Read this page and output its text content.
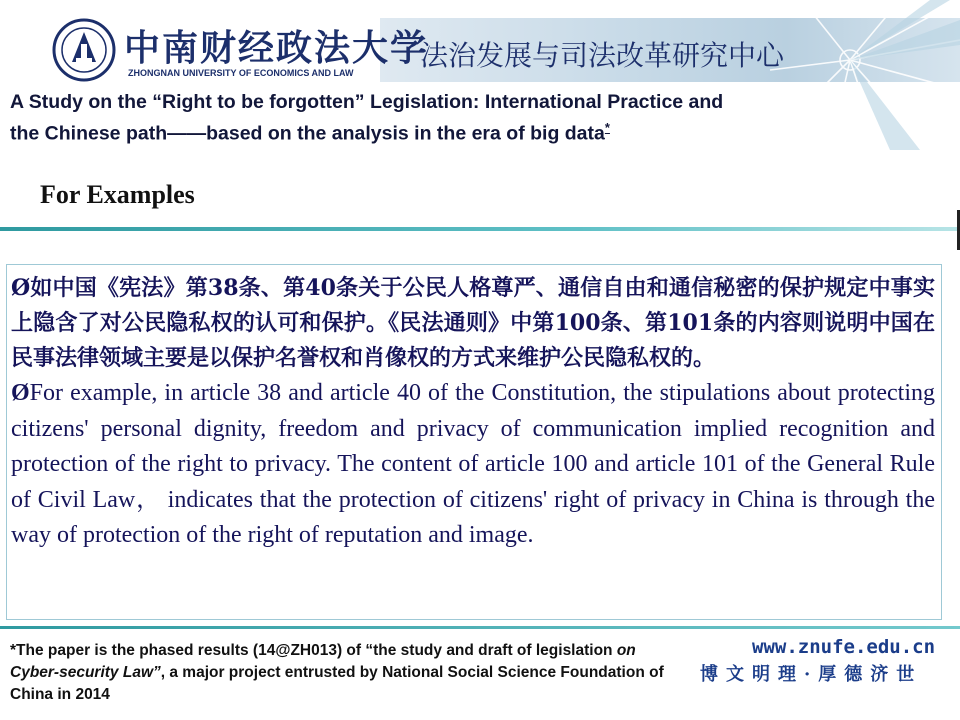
中南财经政法大学
ZHONGNAN UNIVERSITY OF ECONOMICS AND LAW
法治发展与司法改革研究中心
A Study on the “Right to be forgotten” Legislation: International Practice and
the Chinese path——based on the analysis in the era of big data*
For Examples

Ø如中国《宪法》第38条、第40条关于公民人格尊严、通信自由和通信秘密的保护规定中事实上隐含了对公民隐私权的认可和保护。《民法通则》中第100条、第101条的内容则说明中国在民事法律领域主要是以保护名誉权和肖像权的方式来维护公民隐私权的。

ØFor example, in article 38 and article 40 of the Constitution, the stipulations about protecting citizens' personal dignity, freedom and privacy of communication implied recognition and protection of the right to privacy. The content of article 100 and article 101 of the General Rule of Civil Law， indicates that the protection of citizens' right of privacy in China is through the way of protection of the right of reputation and image.

*The paper is the phased results (14@ZH013) of “the study and draft of legislation on Cyber-security Law”, a major project entrusted by National Social Science Foundation of China in 2014
www.znufe.edu.cn
博文明理·厚德济世
